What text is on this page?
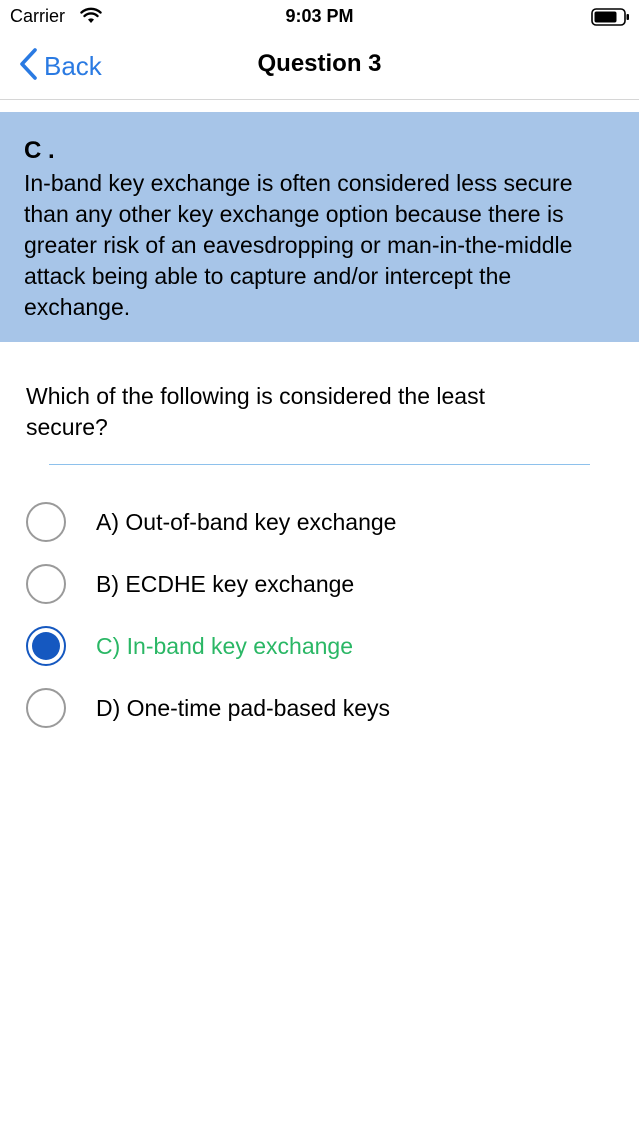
Carrier	9:03 PM
Back	Question 3
C .
In-band key exchange is often considered less secure than any other key exchange option because there is greater risk of an eavesdropping or man-in-the-middle attack being able to capture and/or intercept the exchange.
Which of the following is considered the least secure?
A) Out-of-band key exchange
B) ECDHE key exchange
C) In-band key exchange
D) One-time pad-based keys
